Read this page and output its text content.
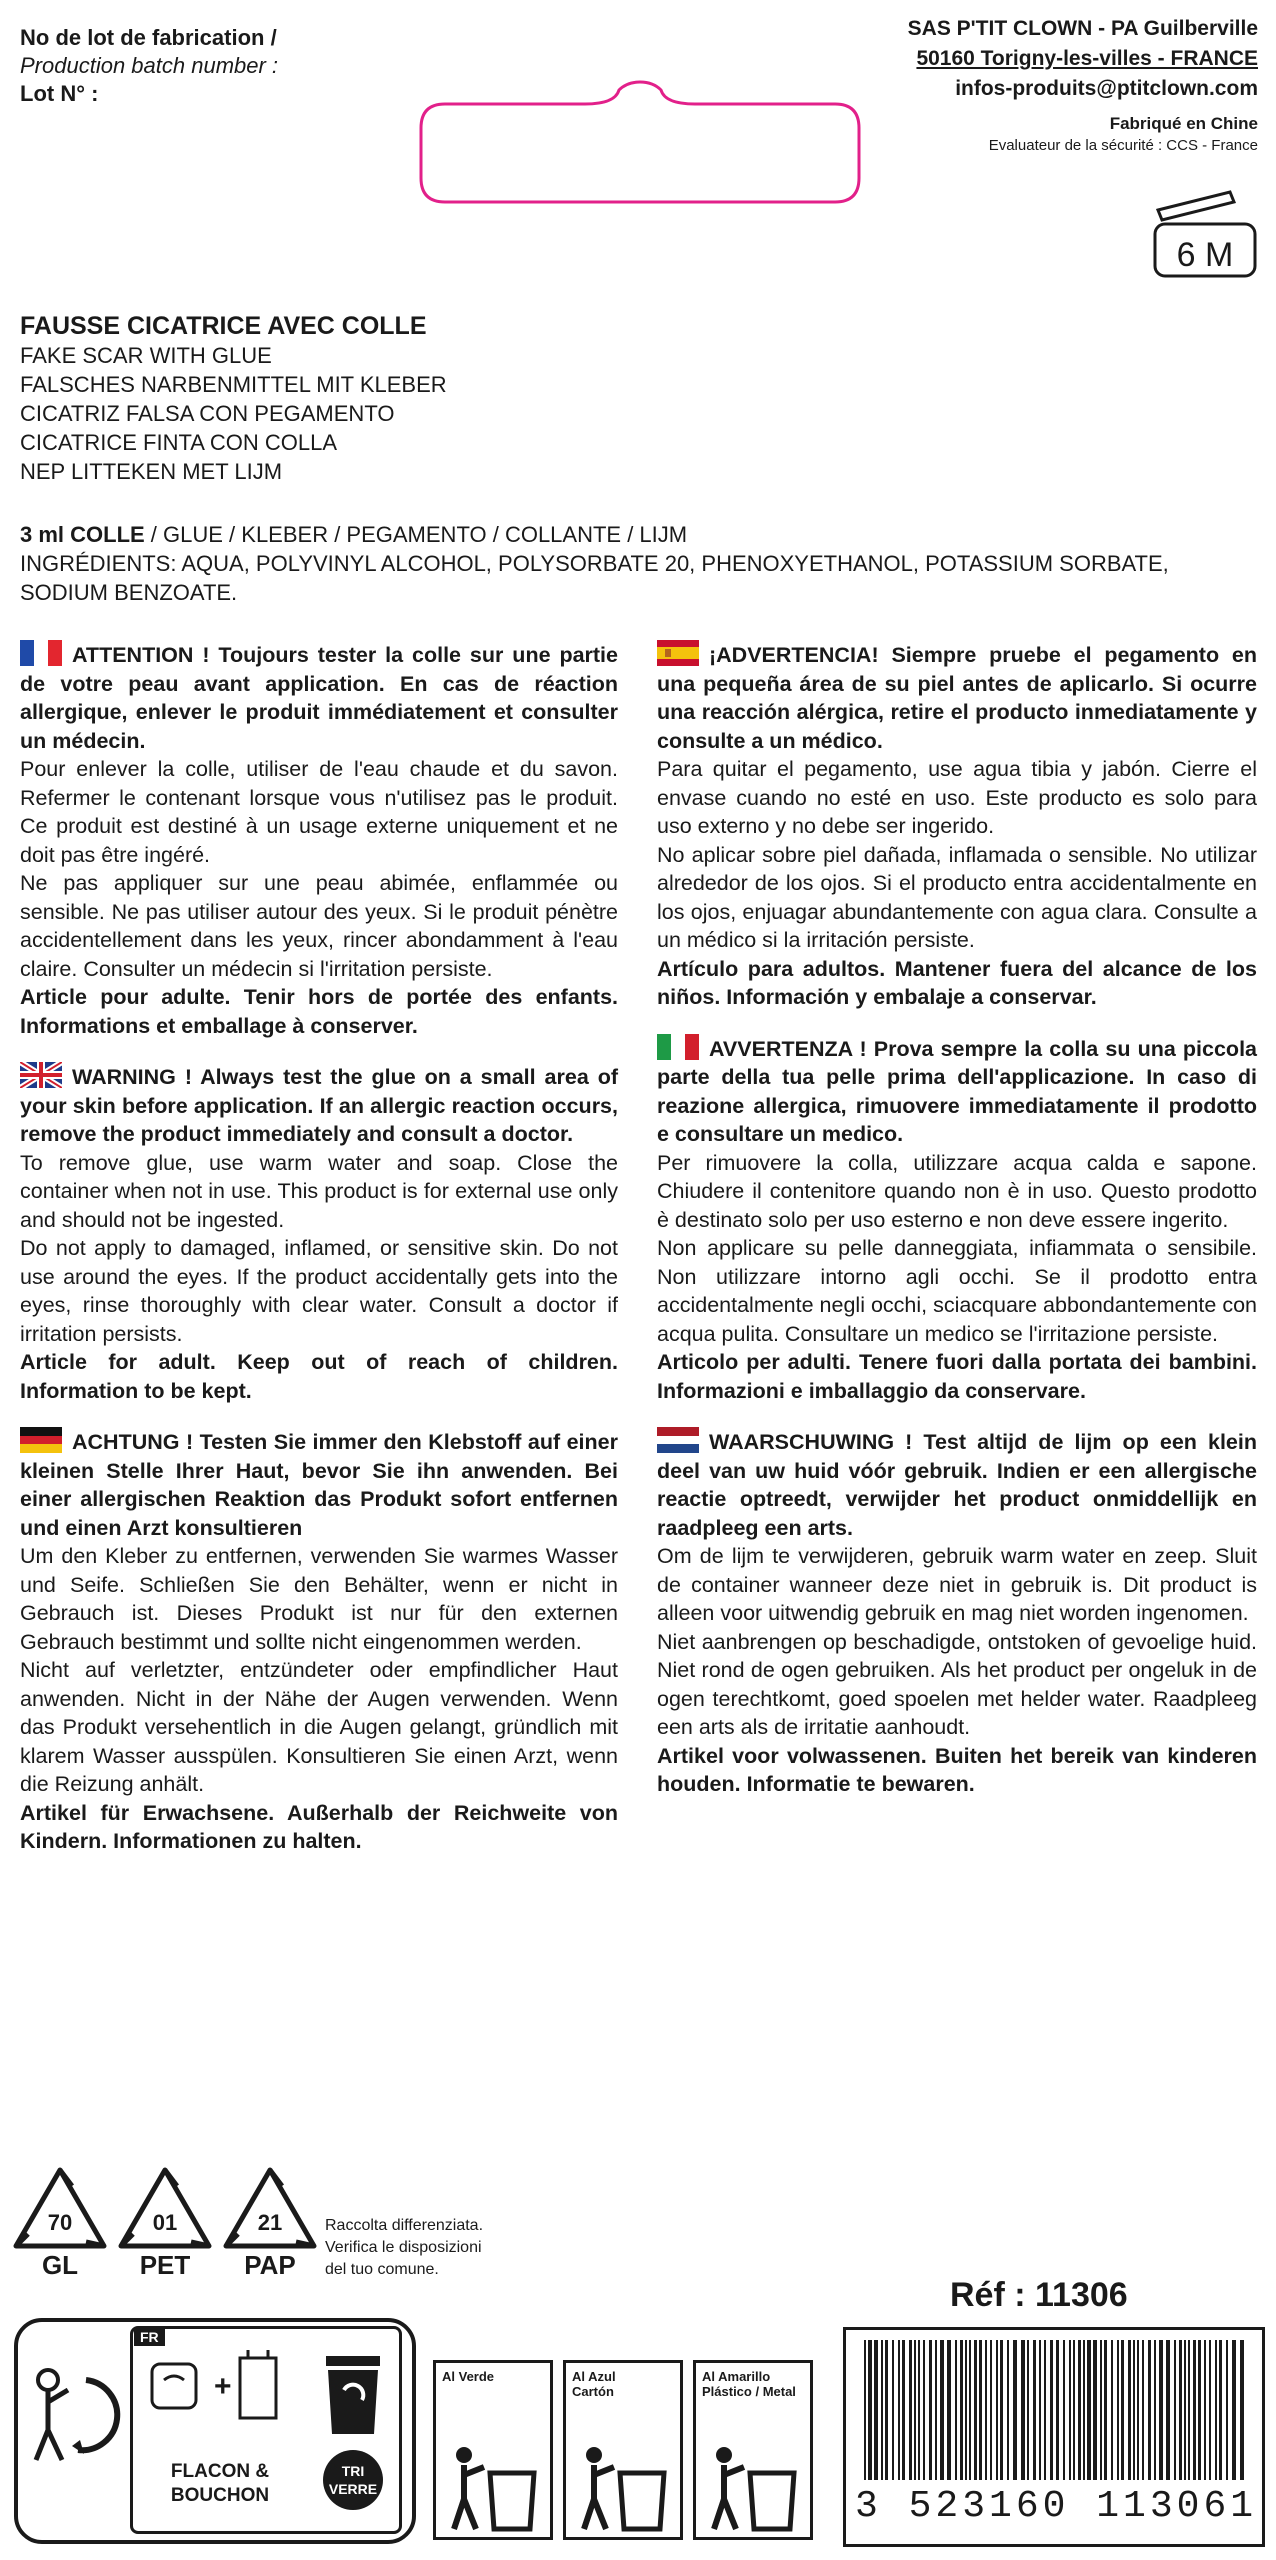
No de lot de fabrication /
Production batch number :
Lot N° :
SAS P'TIT CLOWN - PA Guilberville
50160 Torigny-les-villes - FRANCE
infos-produits@ptitclown.com
Fabriqué en Chine
Evaluateur de la sécurité : CCS - France
6 M
FAUSSE CICATRICE AVEC COLLE
FAKE SCAR WITH GLUE
FALSCHES NARBENMITTEL MIT KLEBER
CICATRIZ FALSA CON PEGAMENTO
CICATRICE FINTA CON COLLA
NEP LITTEKEN MET LIJM
3 ml COLLE / GLUE / KLEBER / PEGAMENTO / COLLANTE / LIJM
INGRÉDIENTS: AQUA, POLYVINYL ALCOHOL, POLYSORBATE 20, PHENOXYETHANOL, POTASSIUM SORBATE, SODIUM BENZOATE.

ATTENTION ! Toujours tester la colle sur une partie de votre peau avant application. En cas de réaction allergique, enlever le produit immédiatement et consulter un médecin.

Pour enlever la colle, utiliser de l'eau chaude et du savon. Refermer le contenant lorsque vous n'utilisez pas le produit. Ce produit est destiné à un usage externe uniquement et ne doit pas être ingéré.

Ne pas appliquer sur une peau abimée, enflammée ou sensible. Ne pas utiliser autour des yeux. Si le produit pénètre accidentellement dans les yeux, rincer abondamment à l'eau claire. Consulter un médecin si l'irritation persiste.

Article pour adulte. Tenir hors de portée des enfants. Informations et emballage à conserver.

WARNING ! Always test the glue on a small area of your skin before application. If an allergic reaction occurs, remove the product immediately and consult a doctor.

To remove glue, use warm water and soap. Close the container when not in use. This product is for external use only and should not be ingested.

Do not apply to damaged, inflamed, or sensitive skin. Do not use around the eyes. If the product accidentally gets into the eyes, rinse thoroughly with clear water. Consult a doctor if irritation persists.

Article for adult. Keep out of reach of children. Information to be kept.

ACHTUNG ! Testen Sie immer den Klebstoff auf einer kleinen Stelle Ihrer Haut, bevor Sie ihn anwenden. Bei einer allergischen Reaktion das Produkt sofort entfernen und einen Arzt konsultieren

Um den Kleber zu entfernen, verwenden Sie warmes Wasser und Seife. Schließen Sie den Behälter, wenn er nicht in Gebrauch ist. Dieses Produkt ist nur für den externen Gebrauch bestimmt und sollte nicht eingenommen werden.

Nicht auf verletzter, entzündeter oder empfindlicher Haut anwenden. Nicht in der Nähe der Augen verwenden. Wenn das Produkt versehentlich in die Augen gelangt, gründlich mit klarem Wasser ausspülen. Konsultieren Sie einen Arzt, wenn die Reizung anhält.

Artikel für Erwachsene. Außerhalb der Reichweite von Kindern. Informationen zu halten.

¡ADVERTENCIA! Siempre pruebe el pegamento en una pequeña área de su piel antes de aplicarlo. Si ocurre una reacción alérgica, retire el producto inmediatamente y consulte a un médico.

Para quitar el pegamento, use agua tibia y jabón. Cierre el envase cuando no esté en uso. Este producto es solo para uso externo y no debe ser ingerido.

No aplicar sobre piel dañada, inflamada o sensible. No utilizar alrededor de los ojos. Si el producto entra accidentalmente en los ojos, enjuagar abundantemente con agua clara. Consulte a un médico si la irritación persiste.

Artículo para adultos. Mantener fuera del alcance de los niños. Información y embalaje a conservar.

AVVERTENZA ! Prova sempre la colla su una piccola parte della tua pelle prima dell'applicazione. In caso di reazione allergica, rimuovere immediatamente il prodotto e consultare un medico.

Per rimuovere la colla, utilizzare acqua calda e sapone. Chiudere il contenitore quando non è in uso. Questo prodotto è destinato solo per uso esterno e non deve essere ingerito.

Non applicare su pelle danneggiata, infiammata o sensibile. Non utilizzare intorno agli occhi. Se il prodotto entra accidentalmente negli occhi, sciacquare abbondantemente con acqua pulita. Consultare un medico se l'irritazione persiste.

Articolo per adulti. Tenere fuori dalla portata dei bambini. Informazioni e imballaggio da conservare.

WAARSCHUWING ! Test altijd de lijm op een klein deel van uw huid vóór gebruik. Indien er een allergische reactie optreedt, verwijder het product onmiddellijk en raadpleeg een arts.

Om de lijm te verwijderen, gebruik warm water en zeep. Sluit de container wanneer deze niet in gebruik is. Dit product is alleen voor uitwendig gebruik en mag niet worden ingenomen.

Niet aanbrengen op beschadigde, ontstoken of gevoelige huid. Niet rond de ogen gebruiken. Als het product per ongeluk in de ogen terechtkomt, goed spoelen met helder water. Raadpleeg een arts als de irritatie aanhoudt.

Artikel voor volwassenen. Buiten het bereik van kinderen houden. Informatie te bewaren.

70
GL
01
PET
21
PAP
Raccolta differenziata.
Verifica le disposizioni
del tuo comune.
Réf : 11306
FR
+
TRI
VERRE
FLACON &
BOUCHON
Al Verde	Al Azul
Cartón
Al Amarillo
Plástico / Metal
3 523160 113061
